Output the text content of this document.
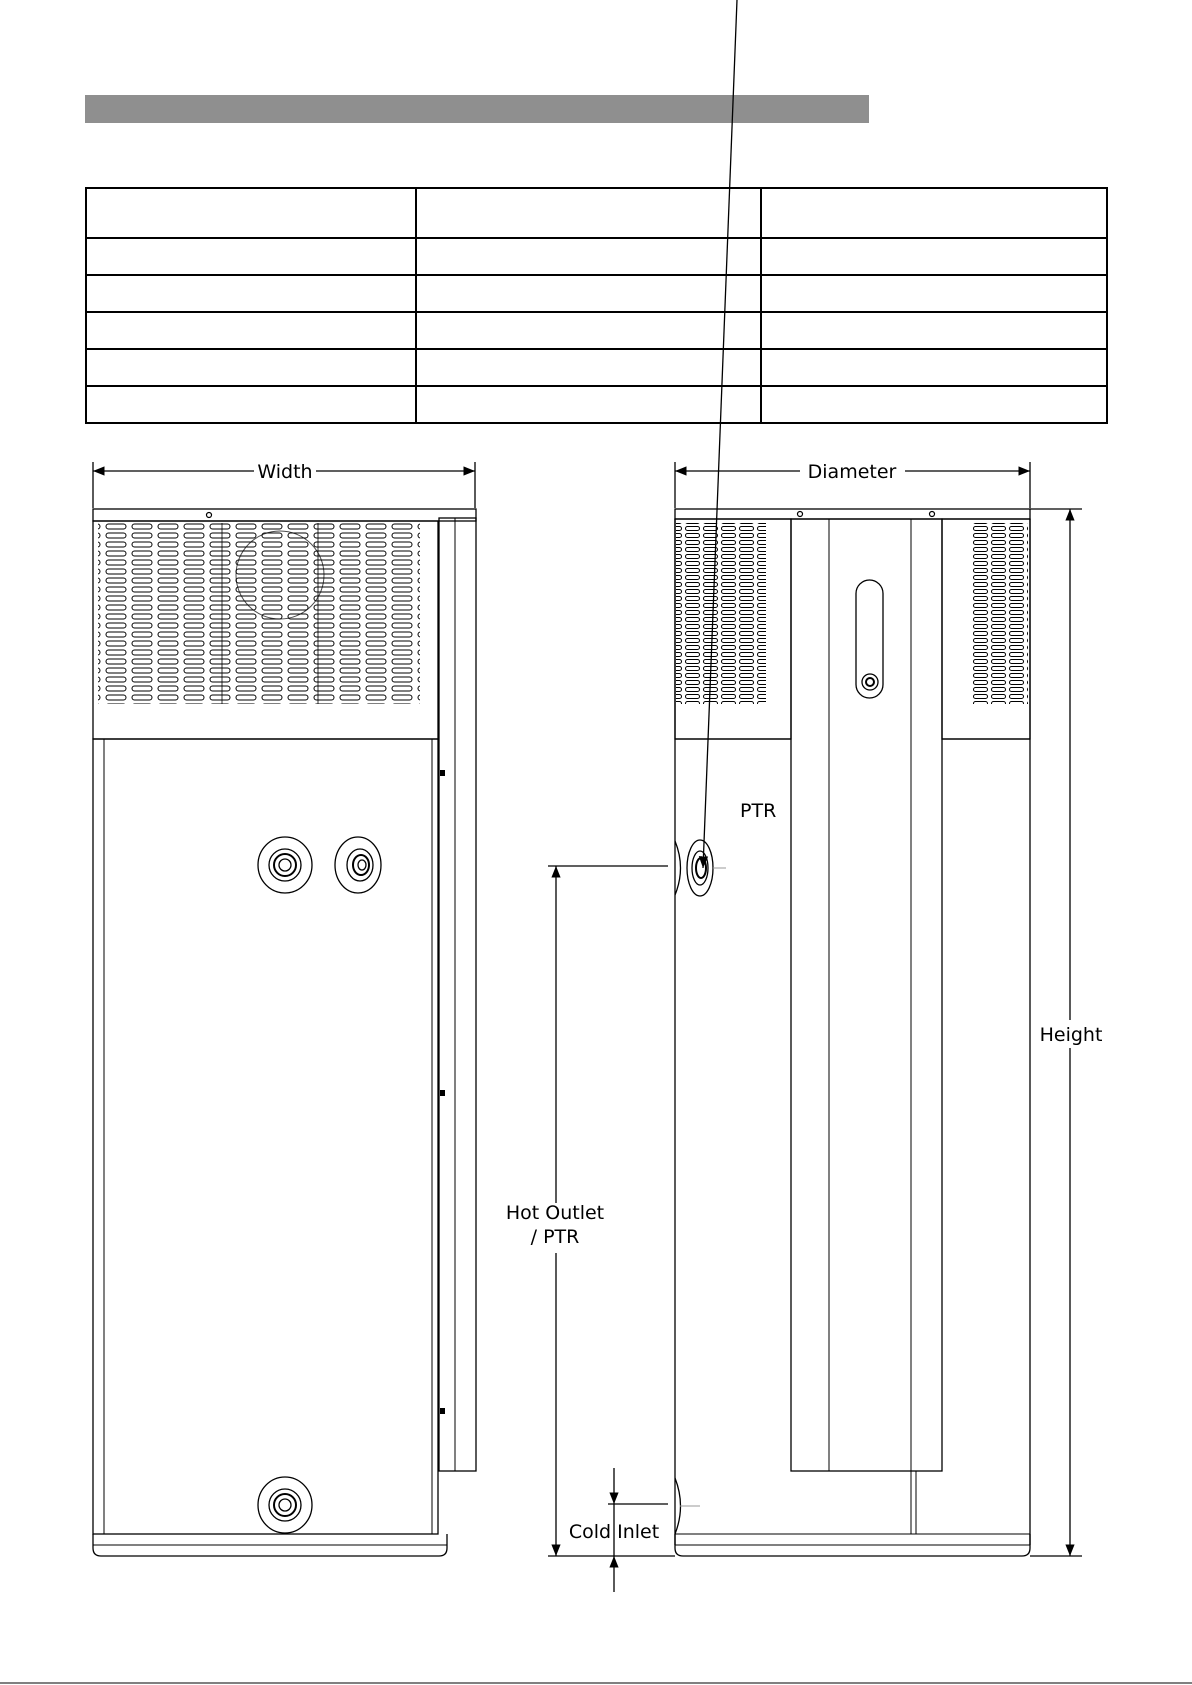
Width	Diameter
PTR
Height
Hot Outlet
/ PTR
Cold Inlet
